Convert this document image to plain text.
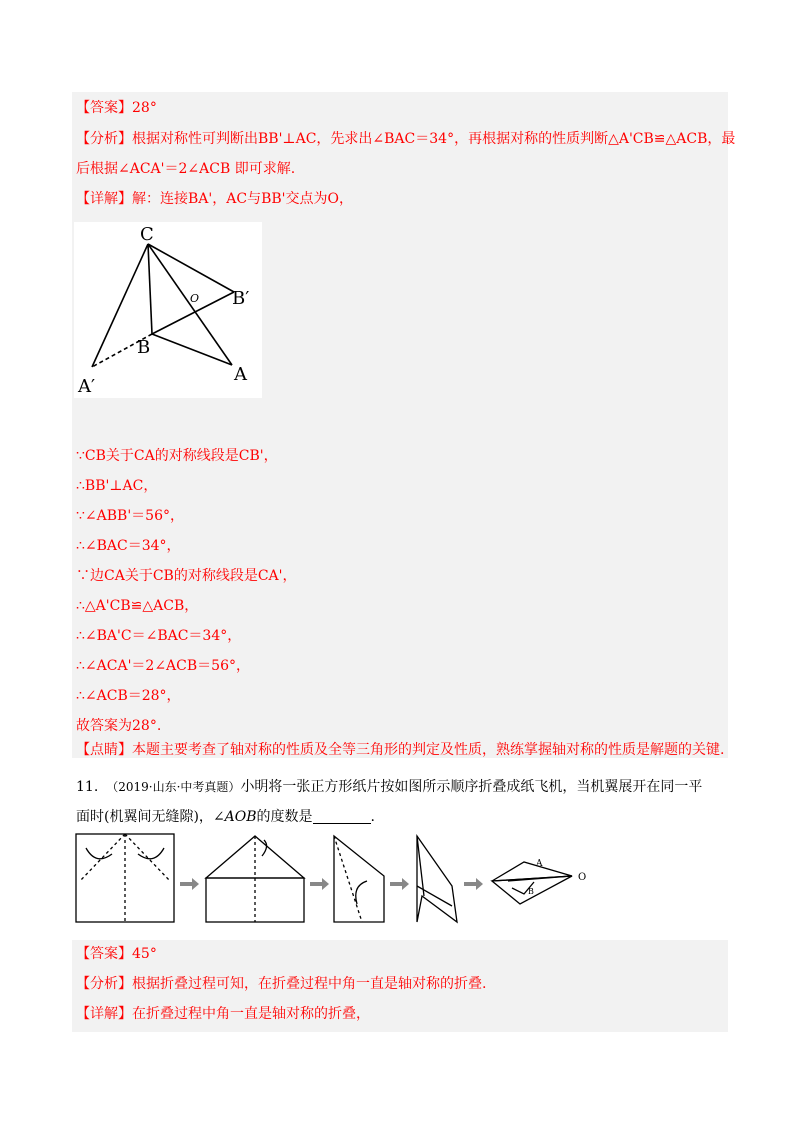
【答案】28°
【分析】根据对称性可判断出BB'⊥AC，先求出∠BAC＝34°，再根据对称的性质判断△A'CB≌△ACB，最
后根据∠ACA'＝2∠ACB 即可求解.
【详解】解：连接BA'，AC与BB'交点为O，
C
B
B′
A
A′
O
∵CB关于CA的对称线段是CB'，
∴BB'⊥AC，
∵∠ABB'＝56°，
∴∠BAC＝34°，
∵边CA关于CB的对称线段是CA'，
∴△A'CB≌△ACB，
∴∠BA'C＝∠BAC＝34°，
∴∠ACA'＝2∠ACB＝56°，
∴∠ACB＝28°，
故答案为28°.
【点睛】本题主要考查了轴对称的性质及全等三角形的判定及性质，熟练掌握轴对称的性质是解题的关键.
11. （2019·山东·中考真题）小明将一张正方形纸片按如图所示顺序折叠成纸飞机，当机翼展开在同一平
面时(机翼间无缝隙)，∠AOB的度数是	.
A
B
O
【答案】45°
【分析】根据折叠过程可知，在折叠过程中角一直是轴对称的折叠.
【详解】在折叠过程中角一直是轴对称的折叠，
